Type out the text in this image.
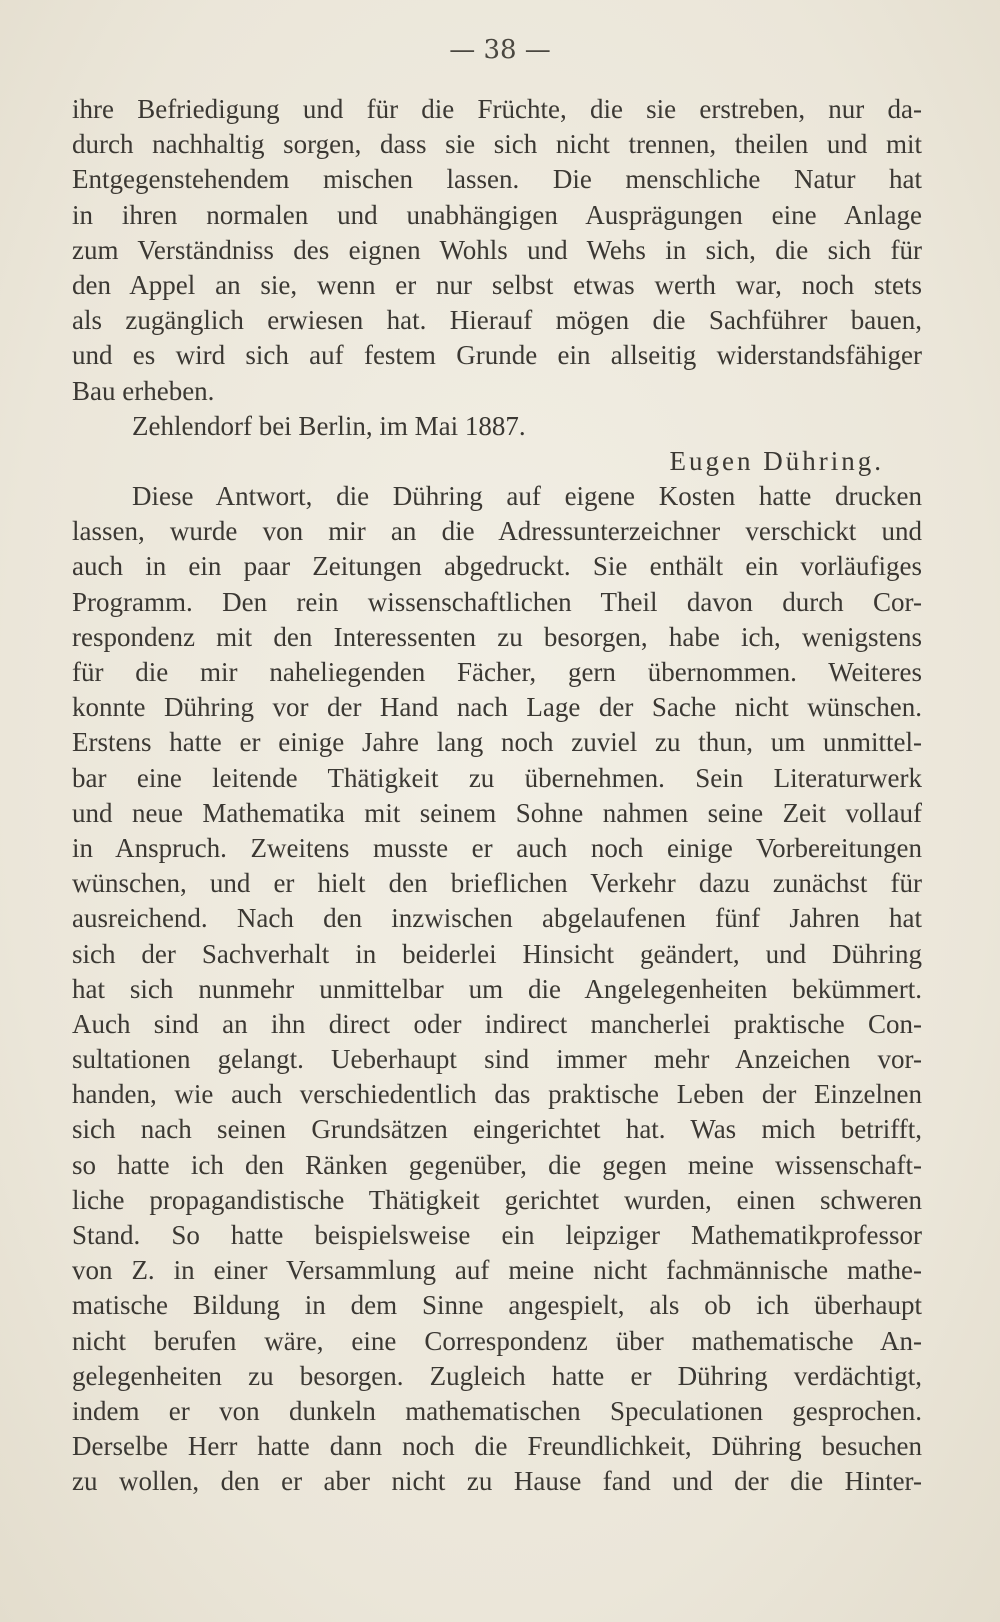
— 38 —
ihre Befriedigung und für die Früchte, die sie erstreben, nur da-
durch nachhaltig sorgen, dass sie sich nicht trennen, theilen und mit
Entgegenstehendem mischen lassen. Die menschliche Natur hat
in ihren normalen und unabhängigen Ausprägungen eine Anlage
zum Verständniss des eignen Wohls und Wehs in sich, die sich für
den Appel an sie, wenn er nur selbst etwas werth war, noch stets
als zugänglich erwiesen hat. Hierauf mögen die Sachführer bauen,
und es wird sich auf festem Grunde ein allseitig widerstandsfähiger
Bau erheben.
Zehlendorf bei Berlin, im Mai 1887.
Eugen Dühring.
Diese Antwort, die Dühring auf eigene Kosten hatte drucken
lassen, wurde von mir an die Adressunterzeichner verschickt und
auch in ein paar Zeitungen abgedruckt. Sie enthält ein vorläufiges
Programm. Den rein wissenschaftlichen Theil davon durch Cor-
respondenz mit den Interessenten zu besorgen, habe ich, wenigstens
für die mir naheliegenden Fächer, gern übernommen. Weiteres
konnte Dühring vor der Hand nach Lage der Sache nicht wünschen.
Erstens hatte er einige Jahre lang noch zuviel zu thun, um unmittel-
bar eine leitende Thätigkeit zu übernehmen. Sein Literaturwerk
und neue Mathematika mit seinem Sohne nahmen seine Zeit vollauf
in Anspruch. Zweitens musste er auch noch einige Vorbereitungen
wünschen, und er hielt den brieflichen Verkehr dazu zunächst für
ausreichend. Nach den inzwischen abgelaufenen fünf Jahren hat
sich der Sachverhalt in beiderlei Hinsicht geändert, und Dühring
hat sich nunmehr unmittelbar um die Angelegenheiten bekümmert.
Auch sind an ihn direct oder indirect mancherlei praktische Con-
sultationen gelangt. Ueberhaupt sind immer mehr Anzeichen vor-
handen, wie auch verschiedentlich das praktische Leben der Einzelnen
sich nach seinen Grundsätzen eingerichtet hat. Was mich betrifft,
so hatte ich den Ränken gegenüber, die gegen meine wissenschaft-
liche propagandistische Thätigkeit gerichtet wurden, einen schweren
Stand. So hatte beispielsweise ein leipziger Mathematikprofessor
von Z. in einer Versammlung auf meine nicht fachmännische mathe-
matische Bildung in dem Sinne angespielt, als ob ich überhaupt
nicht berufen wäre, eine Correspondenz über mathematische An-
gelegenheiten zu besorgen. Zugleich hatte er Dühring verdächtigt,
indem er von dunkeln mathematischen Speculationen gesprochen.
Derselbe Herr hatte dann noch die Freundlichkeit, Dühring besuchen
zu wollen, den er aber nicht zu Hause fand und der die Hinter-
